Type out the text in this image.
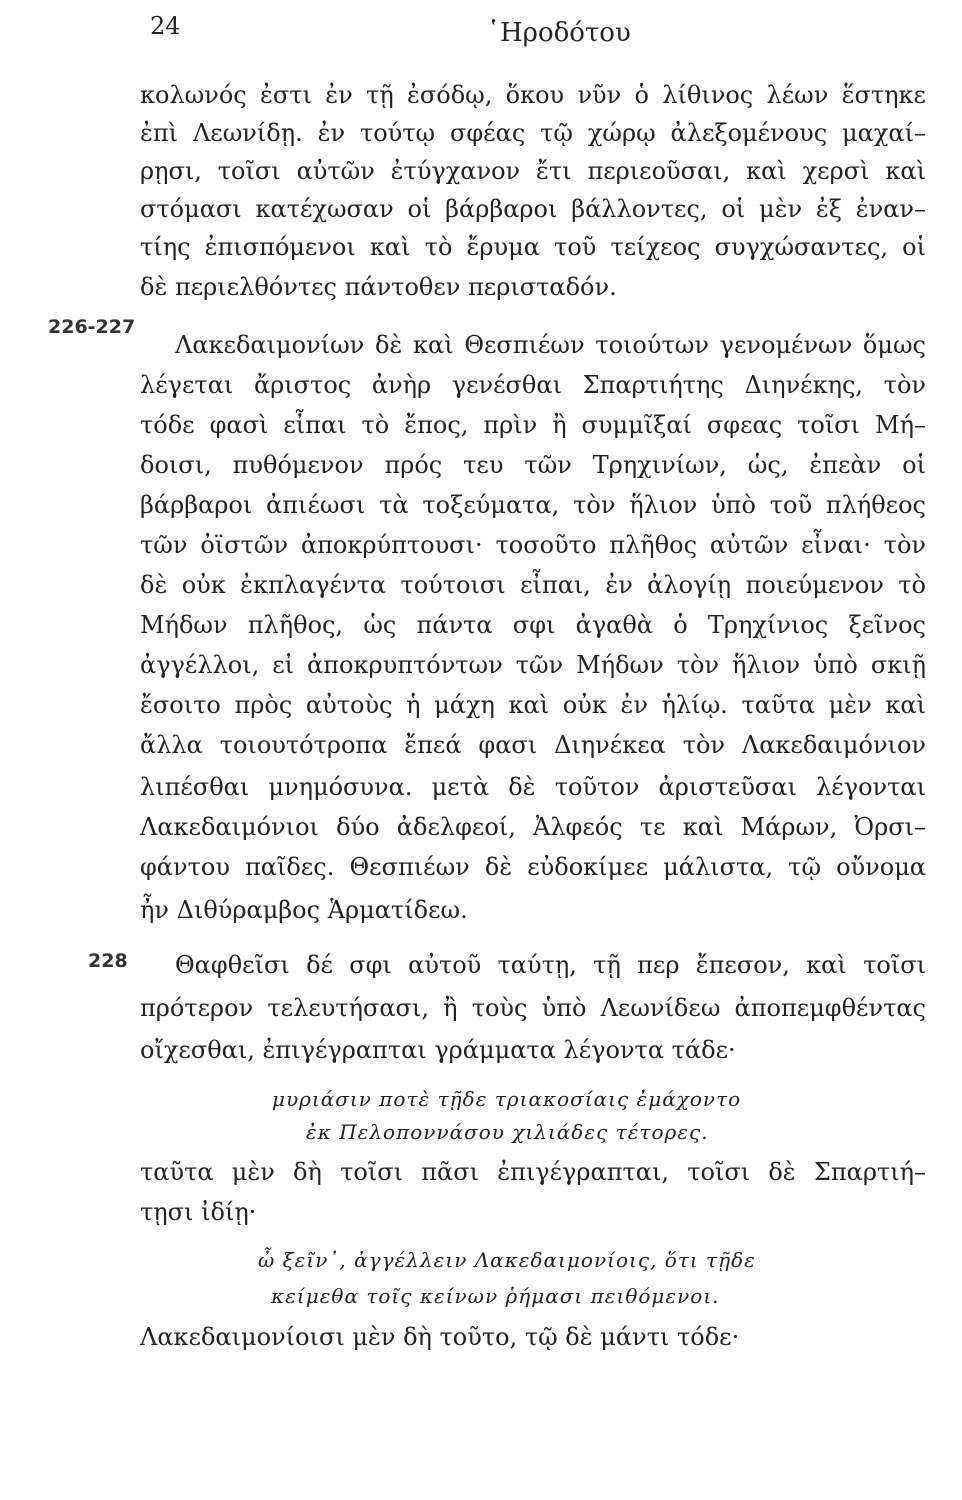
24	῾Ηροδότου
κολωνός ἐστι ἐν τῇ ἐσόδῳ, ὅκου νῦν ὁ λίθινος λέων ἕστηκε
ἐπὶ Λεωνίδῃ. ἐν τούτῳ σφέας τῷ χώρῳ ἀλεξομένους μαχαί–
ρῃσι, τοῖσι αὐτῶν ἐτύγχανον ἔτι περιεοῦσαι, καὶ χερσὶ καὶ
στόμασι κατέχωσαν οἱ βάρβαροι βάλλοντες, οἱ μὲν ἐξ ἐναν–
τίης ἐπισπόμενοι καὶ τὸ ἔρυμα τοῦ τείχεος συγχώσαντες, οἱ
δὲ περιελθόντες πάντοθεν περισταδόν.
226-227
Λακεδαιμονίων δὲ καὶ Θεσπιέων τοιούτων γενομένων ὅμως
λέγεται ἄριστος ἀνὴρ γενέσθαι Σπαρτιήτης Διηνέκης, τὸν
τόδε φασὶ εἶπαι τὸ ἔπος, πρὶν ἢ συμμῖξαί σφεας τοῖσι Μή–
δοισι, πυθόμενον πρός τευ τῶν Τρηχινίων, ὡς, ἐπεὰν οἱ
βάρβαροι ἀπιέωσι τὰ τοξεύματα, τὸν ἥλιον ὑπὸ τοῦ πλήθεος
τῶν ὀϊστῶν ἀποκρύπτουσι· τοσοῦτο πλῆθος αὐτῶν εἶναι· τὸν
δὲ οὐκ ἐκπλαγέντα τούτοισι εἶπαι, ἐν ἀλογίῃ ποιεύμενον τὸ
Μήδων πλῆθος, ὡς πάντα σφι ἀγαθὰ ὁ Τρηχίνιος ξεῖνος
ἀγγέλλοι, εἰ ἀποκρυπτόντων τῶν Μήδων τὸν ἥλιον ὑπὸ σκιῇ
ἔσοιτο πρὸς αὐτοὺς ἡ μάχη καὶ οὐκ ἐν ἡλίῳ. ταῦτα μὲν καὶ
ἄλλα τοιουτότροπα ἔπεά φασι Διηνέκεα τὸν Λακεδαιμόνιον
λιπέσθαι μνημόσυνα. μετὰ δὲ τοῦτον ἀριστεῦσαι λέγονται
Λακεδαιμόνιοι δύο ἀδελφεοί, Ἀλφεός τε καὶ Μάρων, Ὀρσι–
φάντου παῖδες. Θεσπιέων δὲ εὐδοκίμεε μάλιστα, τῷ οὔνομα
ἦν Διθύραμβος Ἁρματίδεω.
228 Θαφθεῖσι δέ σφι αὐτοῦ ταύτῃ, τῇ περ ἔπεσον, καὶ τοῖσι
πρότερον τελευτήσασι, ἢ τοὺς ὑπὸ Λεωνίδεω ἀποπεμφθέντας
οἴχεσθαι, ἐπιγέγραπται γράμματα λέγοντα τάδε·
μυριάσιν ποτὲ τῇδε τριακοσίαις ἐμάχοντο
ἐκ Πελοποννάσου χιλιάδες τέτορες.
ταῦτα μὲν δὴ τοῖσι πᾶσι ἐπιγέγραπται, τοῖσι δὲ Σπαρτιή–
τῃσι ἰδίῃ·
ὦ ξεῖν᾽, ἀγγέλλειν Λακεδαιμονίοις, ὅτι τῇδε
κείμεθα τοῖς κείνων ῥήμασι πειθόμενοι.
Λακεδαιμονίοισι μὲν δὴ τοῦτο, τῷ δὲ μάντι τόδε·
